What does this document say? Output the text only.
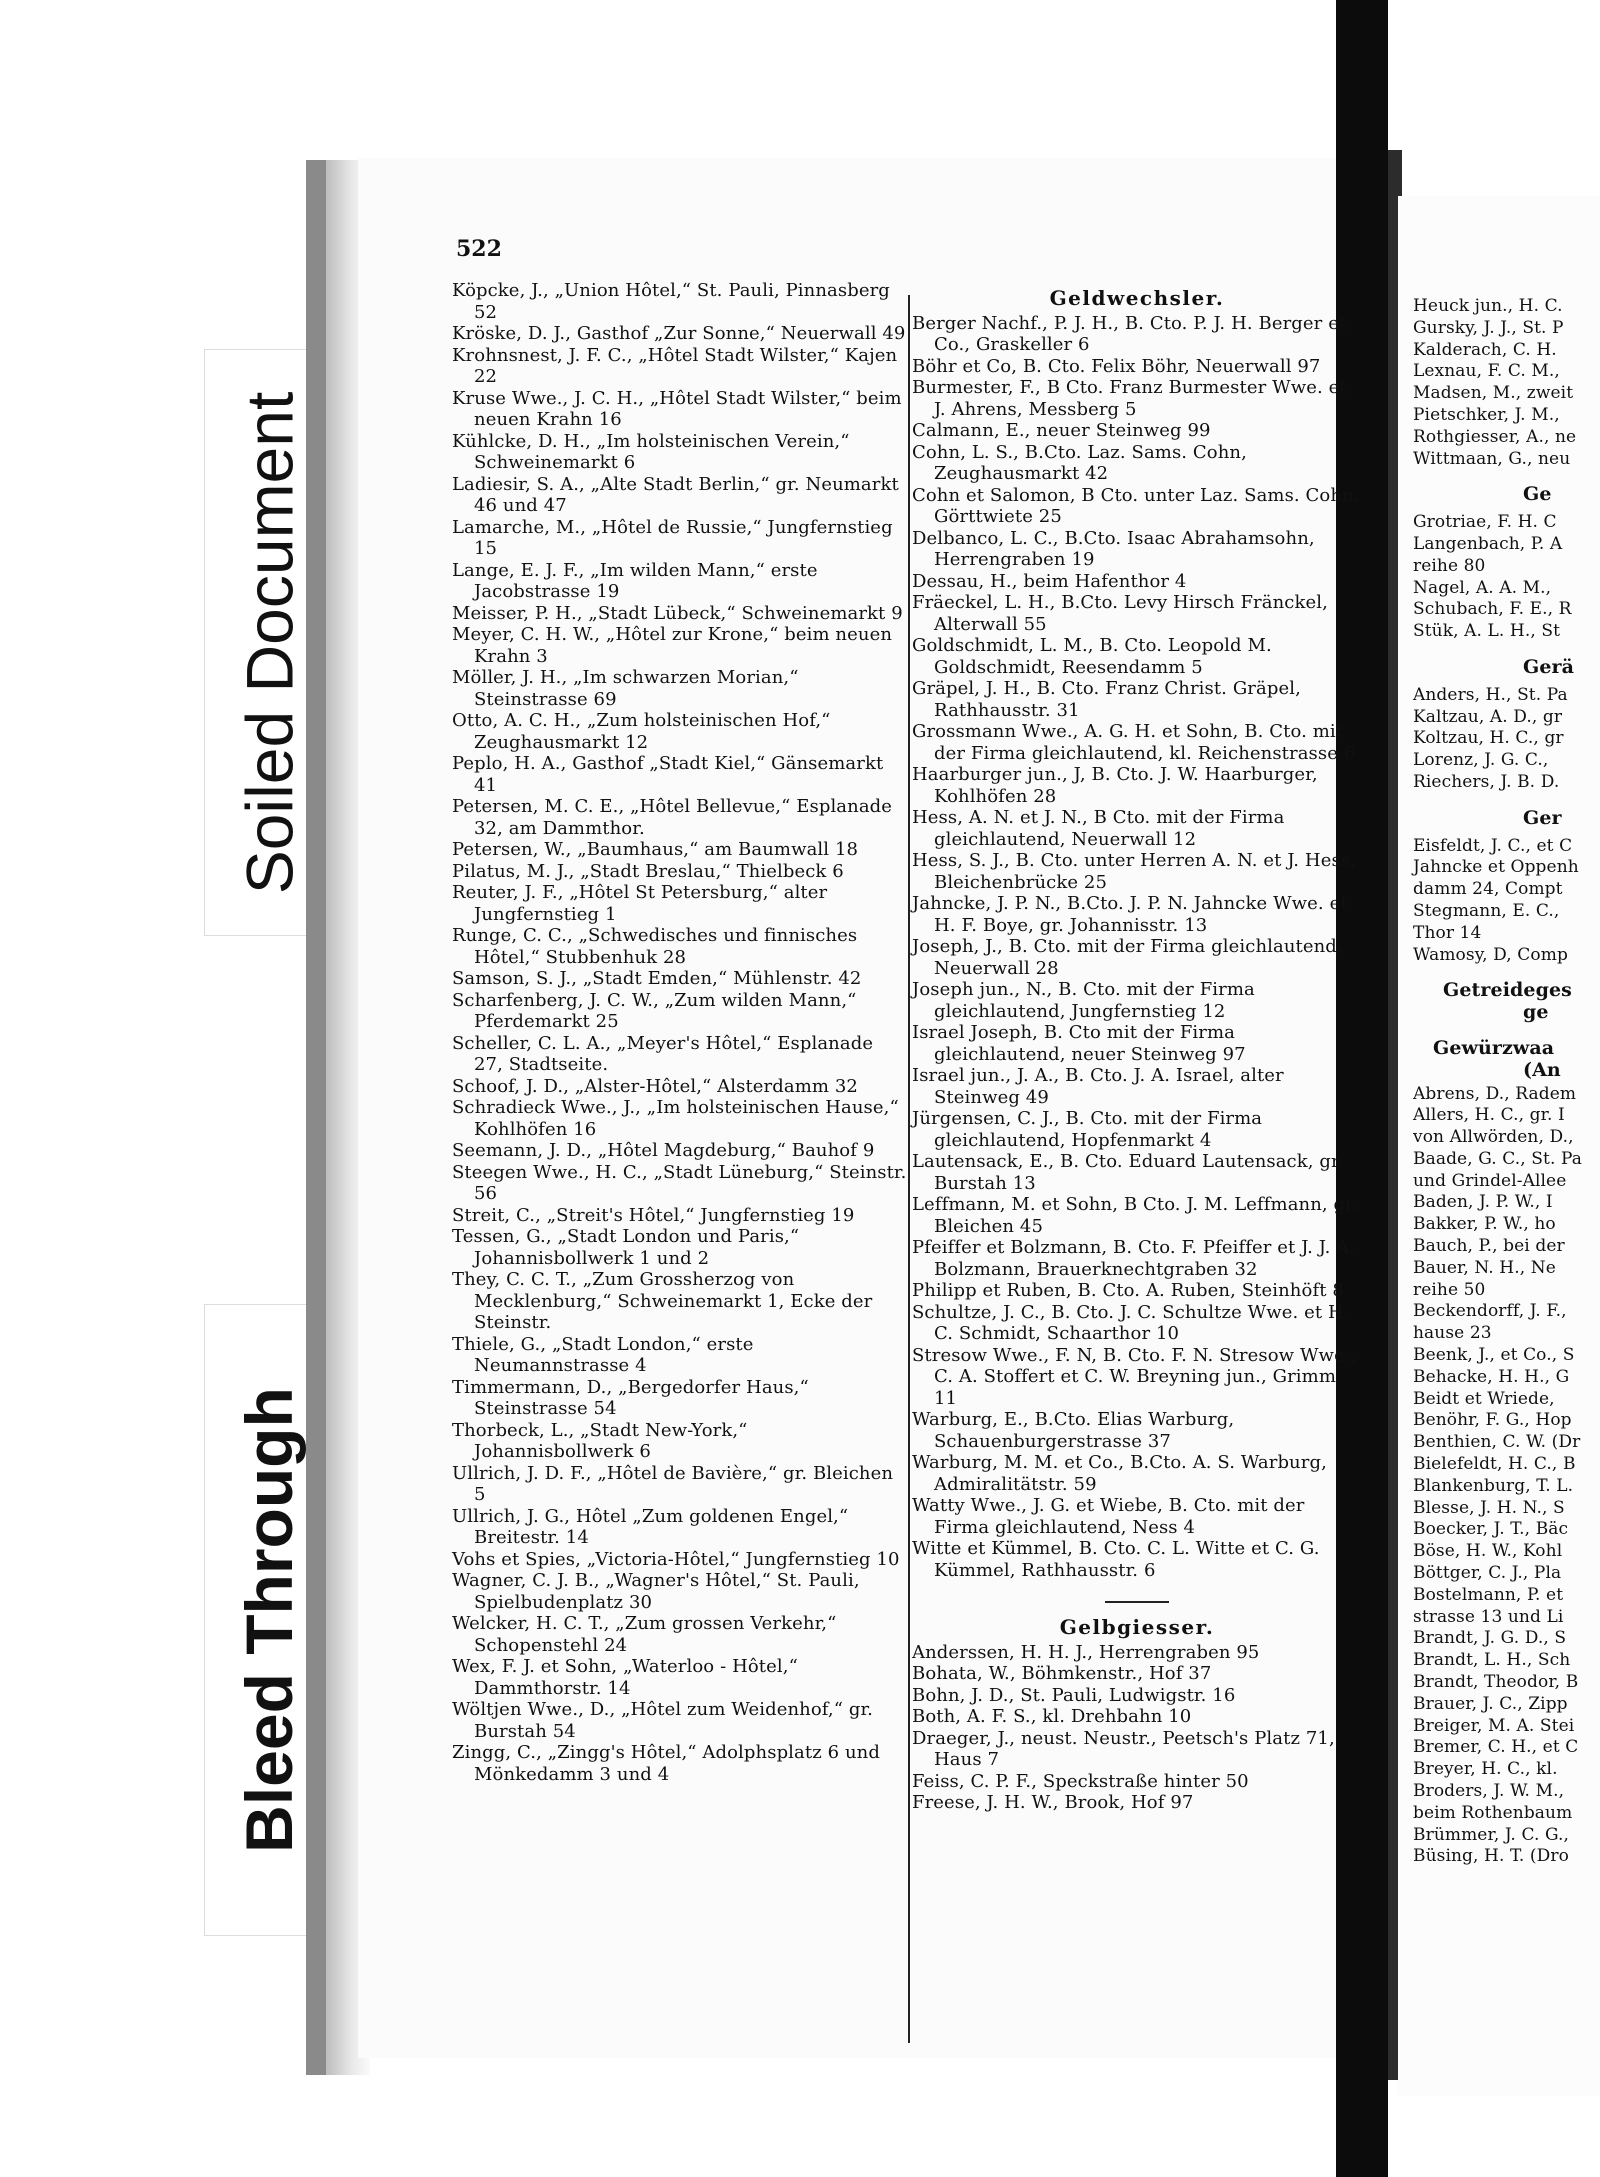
Soiled Document
Bleed Through
522
Köpcke, J., „Union Hôtel,“ St. Pauli, Pinnasberg 52
Kröske, D. J., Gasthof „Zur Sonne,“ Neuerwall 49
Krohnsnest, J. F. C., „Hôtel Stadt Wilster,“ Kajen 22
Kruse Wwe., J. C. H., „Hôtel Stadt Wilster,“ beim neuen Krahn 16
Kühlcke, D. H., „Im holsteinischen Verein,“ Schweinemarkt 6
Ladiesir, S. A., „Alte Stadt Berlin,“ gr. Neumarkt 46 und 47
Lamarche, M., „Hôtel de Russie,“ Jungfernstieg 15
Lange, E. J. F., „Im wilden Mann,“ erste Jacobstrasse 19
Meisser, P. H., „Stadt Lübeck,“ Schweinemarkt 9
Meyer, C. H. W., „Hôtel zur Krone,“ beim neuen Krahn 3
Möller, J. H., „Im schwarzen Morian,“ Steinstrasse 69
Otto, A. C. H., „Zum holsteinischen Hof,“ Zeughausmarkt 12
Peplo, H. A., Gasthof „Stadt Kiel,“ Gänsemarkt 41
Petersen, M. C. E., „Hôtel Bellevue,“ Esplanade 32, am Dammthor.
Petersen, W., „Baumhaus,“ am Baumwall 18
Pilatus, M. J., „Stadt Breslau,“ Thielbeck 6
Reuter, J. F., „Hôtel St Petersburg,“ alter Jungfernstieg 1
Runge, C. C., „Schwedisches und finnisches Hôtel,“ Stubbenhuk 28
Samson, S. J., „Stadt Emden,“ Mühlenstr. 42
Scharfenberg, J. C. W., „Zum wilden Mann,“ Pferdemarkt 25
Scheller, C. L. A., „Meyer's Hôtel,“ Esplanade 27, Stadtseite.
Schoof, J. D., „Alster-Hôtel,“ Alsterdamm 32
Schradieck Wwe., J., „Im holsteinischen Hause,“ Kohlhöfen 16
Seemann, J. D., „Hôtel Magdeburg,“ Bauhof 9
Steegen Wwe., H. C., „Stadt Lüneburg,“ Steinstr. 56
Streit, C., „Streit's Hôtel,“ Jungfernstieg 19
Tessen, G., „Stadt London und Paris,“ Johannisbollwerk 1 und 2
They, C. C. T., „Zum Grossherzog von Mecklenburg,“ Schweinemarkt 1, Ecke der Steinstr.
Thiele, G., „Stadt London,“ erste Neumannstrasse 4
Timmermann, D., „Bergedorfer Haus,“ Steinstrasse 54
Thorbeck, L., „Stadt New-York,“ Johannisbollwerk 6
Ullrich, J. D. F., „Hôtel de Bavière,“ gr. Bleichen 5
Ullrich, J. G., Hôtel „Zum goldenen Engel,“ Breitestr. 14
Vohs et Spies, „Victoria-Hôtel,“ Jungfernstieg 10
Wagner, C. J. B., „Wagner's Hôtel,“ St. Pauli, Spielbudenplatz 30
Welcker, H. C. T., „Zum grossen Verkehr,“ Schopenstehl 24
Wex, F. J. et Sohn, „Waterloo - Hôtel,“ Dammthorstr. 14
Wöltjen Wwe., D., „Hôtel zum Weidenhof,“ gr. Burstah 54
Zingg, C., „Zingg's Hôtel,“ Adolphsplatz 6 und Mönkedamm 3 und 4

Geldwechsler.

Berger Nachf., P. J. H., B. Cto. P. J. H. Berger et Co., Graskeller 6
Böhr et Co, B. Cto. Felix Böhr, Neuerwall 97
Burmester, F., B Cto. Franz Burmester Wwe. et J. Ahrens, Messberg 5
Calmann, E., neuer Steinweg 99
Cohn, L. S., B.Cto. Laz. Sams. Cohn, Zeughausmarkt 42
Cohn et Salomon, B Cto. unter Laz. Sams. Cohn, Görttwiete 25
Delbanco, L. C., B.Cto. Isaac Abrahamsohn, Herrengraben 19
Dessau, H., beim Hafenthor 4
Fräeckel, L. H., B.Cto. Levy Hirsch Fränckel, Alterwall 55
Goldschmidt, L. M., B. Cto. Leopold M. Goldschmidt, Reesendamm 5
Gräpel, J. H., B. Cto. Franz Christ. Gräpel, Rathhausstr. 31
Grossmann Wwe., A. G. H. et Sohn, B. Cto. mit der Firma gleichlautend, kl. Reichenstrasse 6
Haarburger jun., J, B. Cto. J. W. Haarburger, Kohlhöfen 28
Hess, A. N. et J. N., B Cto. mit der Firma gleichlautend, Neuerwall 12
Hess, S. J., B. Cto. unter Herren A. N. et J. Hess, Bleichenbrücke 25
Jahncke, J. P. N., B.Cto. J. P. N. Jahncke Wwe. et H. F. Boye, gr. Johannisstr. 13
Joseph, J., B. Cto. mit der Firma gleichlautend, Neuerwall 28
Joseph jun., N., B. Cto. mit der Firma gleichlautend, Jungfernstieg 12
Israel Joseph, B. Cto mit der Firma gleichlautend, neuer Steinweg 97
Israel jun., J. A., B. Cto. J. A. Israel, alter Steinweg 49
Jürgensen, C. J., B. Cto. mit der Firma gleichlautend, Hopfenmarkt 4
Lautensack, E., B. Cto. Eduard Lautensack, gr. Burstah 13
Leffmann, M. et Sohn, B Cto. J. M. Leffmann, gr. Bleichen 45
Pfeiffer et Bolzmann, B. Cto. F. Pfeiffer et J. J. A. Bolzmann, Brauerknechtgraben 32
Philipp et Ruben, B. Cto. A. Ruben, Steinhöft 8
Schultze, J. C., B. Cto. J. C. Schultze Wwe. et H. C. Schmidt, Schaarthor 10
Stresow Wwe., F. N, B. Cto. F. N. Stresow Wwe., C. A. Stoffert et C. W. Breyning jun., Grimm 11
Warburg, E., B.Cto. Elias Warburg, Schauenburgerstrasse 37
Warburg, M. M. et Co., B.Cto. A. S. Warburg, Admiralitätstr. 59
Watty Wwe., J. G. et Wiebe, B. Cto. mit der Firma gleichlautend, Ness 4
Witte et Kümmel, B. Cto. C. L. Witte et C. G. Kümmel, Rathhausstr. 6

Gelbgiesser.

Anderssen, H. H. J., Herrengraben 95
Bohata, W., Böhmkenstr., Hof 37
Bohn, J. D., St. Pauli, Ludwigstr. 16
Both, A. F. S., kl. Drehbahn 10
Draeger, J., neust. Neustr., Peetsch's Platz 71, Haus 7
Feiss, C. P. F., Speckstraße hinter 50
Freese, J. H. W., Brook, Hof 97
Heuck jun., H. C.
Gursky, J. J., St. P
Kalderach, C. H.
Lexnau, F. C. M.,
Madsen, M., zweit
Pietschker, J. M.,
Rothgiesser, A., ne
Wittmaan, G., neu
Ge
Grotriae, F. H. C
Langenbach, P. A
reihe 80
Nagel, A. A. M.,
Schubach, F. E., R
Stük, A. L. H., St
Gerä
Anders, H., St. Pa
Kaltzau, A. D., gr
Koltzau, H. C., gr
Lorenz, J. G. C.,
Riechers, J. B. D.
Ger
Eisfeldt, J. C., et C
Jahncke et Oppenh
damm 24, Compt
Stegmann, E. C.,
Thor 14
Wamosy, D, Comp
Getreideges
ge
Gewürzwaa
(An
Abrens, D., Radem
Allers, H. C., gr. I
von Allwörden, D.,
Baade, G. C., St. Pa
und Grindel-Allee
Baden, J. P. W., I
Bakker, P. W., ho
Bauch, P., bei der
Bauer, N. H., Ne
reihe 50
Beckendorff, J. F.,
hause 23
Beenk, J., et Co., S
Behacke, H. H., G
Beidt et Wriede,
Benöhr, F. G., Hop
Benthien, C. W. (Dr
Bielefeldt, H. C., B
Blankenburg, T. L.
Blesse, J. H. N., S
Boecker, J. T., Bäc
Böse, H. W., Kohl
Böttger, C. J., Pla
Bostelmann, P. et
strasse 13 und Li
Brandt, J. G. D., S
Brandt, L. H., Sch
Brandt, Theodor, B
Brauer, J. C., Zipp
Breiger, M. A. Stei
Bremer, C. H., et C
Breyer, H. C., kl.
Broders, J. W. M.,
beim Rothenbaum
Brümmer, J. C. G.,
Büsing, H. T. (Dro
